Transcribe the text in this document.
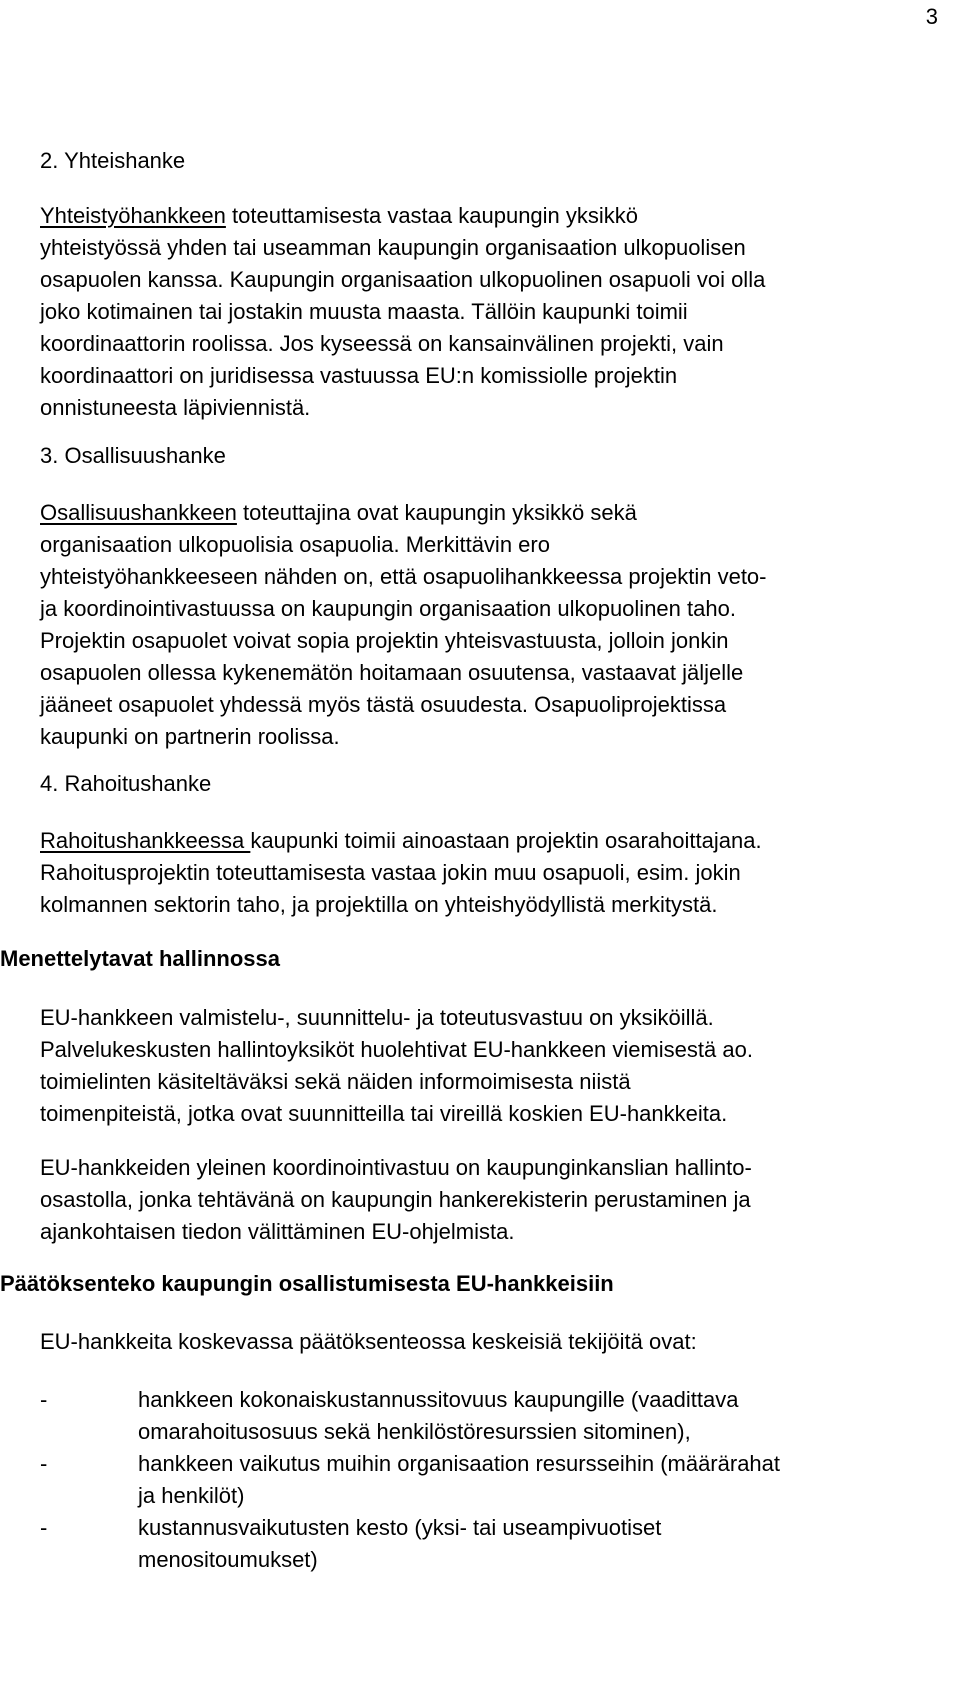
3
2. Yhteishanke
Yhteistyöhankkeen toteuttamisesta vastaa kaupungin yksikkö
yhteistyössä yhden tai useamman kaupungin organisaation ulkopuolisen
osapuolen kanssa. Kaupungin organisaation ulkopuolinen osapuoli voi olla
joko kotimainen tai jostakin muusta maasta. Tällöin kaupunki toimii
koordinaattorin roolissa. Jos kyseessä on kansainvälinen projekti, vain
koordinaattori on juridisessa vastuussa EU:n komissiolle projektin
onnistuneesta läpiviennistä.
3. Osallisuushanke
Osallisuushankkeen toteuttajina ovat kaupungin yksikkö sekä
organisaation ulkopuolisia osapuolia. Merkittävin ero
yhteistyöhankkeeseen nähden on, että osapuolihankkeessa projektin veto-
ja koordinointivastuussa on kaupungin organisaation ulkopuolinen taho.
Projektin osapuolet voivat sopia projektin yhteisvastuusta, jolloin jonkin
osapuolen ollessa kykenemätön hoitamaan osuutensa, vastaavat jäljelle
jääneet osapuolet yhdessä myös tästä osuudesta. Osapuoliprojektissa
kaupunki on partnerin roolissa.
4. Rahoitushanke
Rahoitushankkeessa kaupunki toimii ainoastaan projektin osarahoittajana.
Rahoitusprojektin toteuttamisesta vastaa jokin muu osapuoli, esim. jokin
kolmannen sektorin taho, ja projektilla on yhteishyödyllistä merkitystä.
Menettelytavat hallinnossa
EU-hankkeen valmistelu-, suunnittelu- ja toteutusvastuu on yksiköillä.
Palvelukeskusten hallintoyksiköt huolehtivat EU-hankkeen viemisestä ao.
toimielinten käsiteltäväksi sekä näiden informoimisesta niistä
toimenpiteistä, jotka ovat suunnitteilla tai vireillä koskien EU-hankkeita.
EU-hankkeiden yleinen koordinointivastuu on kaupunginkanslian hallinto-
osastolla, jonka tehtävänä on kaupungin hankerekisterin perustaminen ja
ajankohtaisen tiedon välittäminen EU-ohjelmista.
Päätöksenteko kaupungin osallistumisesta EU-hankkeisiin
EU-hankkeita koskevassa päätöksenteossa keskeisiä tekijöitä ovat:
-	hankkeen kokonaiskustannussitovuus kaupungille (vaadittava
omarahoitusosuus sekä henkilöstöresurssien sitominen),
-	hankkeen vaikutus muihin organisaation resursseihin (määrärahat
ja henkilöt)
-	kustannusvaikutusten kesto (yksi- tai useampivuotiset
menositoumukset)
